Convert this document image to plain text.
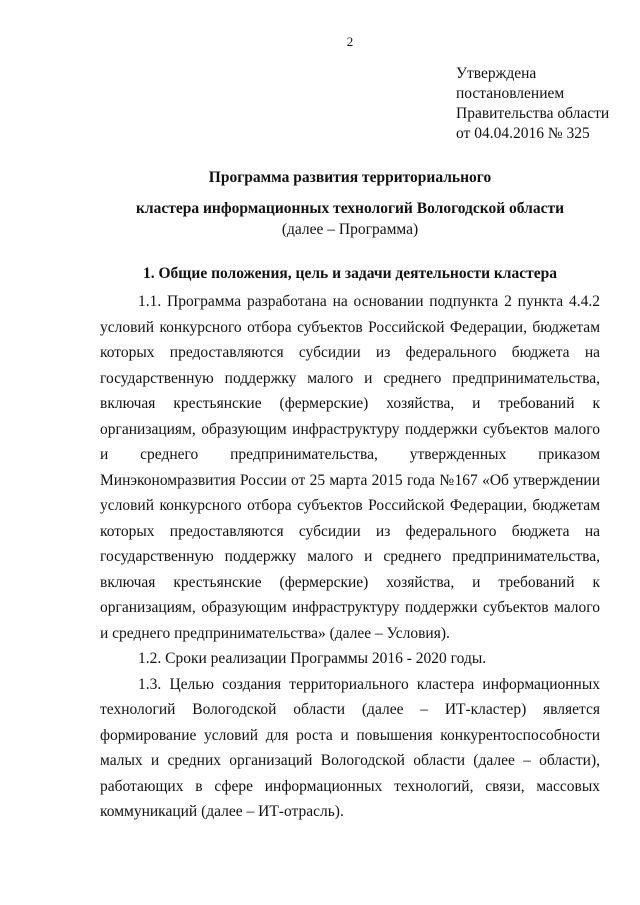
2
Утверждена
постановлением
Правительства области
от 04.04.2016 № 325
Программа развития территориального
кластера информационных технологий Вологодской области
(далее – Программа)
1. Общие положения, цель и задачи деятельности кластера

1.1. Программа разработана на основании подпункта 2 пункта 4.4.2 условий конкурсного отбора субъектов Российской Федерации, бюджетам которых предоставляются субсидии из федерального бюджета на государственную поддержку малого и среднего предпринимательства, включая крестьянские (фермерские) хозяйства, и требований к организациям, образующим инфраструктуру поддержки субъектов малого и среднего предпринимательства, утвержденных приказом Минэкономразвития России от 25 марта 2015 года №167 «Об утверждении условий конкурсного отбора субъектов Российской Федерации, бюджетам которых предоставляются субсидии из федерального бюджета на государственную поддержку малого и среднего предпринимательства, включая крестьянские (фермерские) хозяйства, и требований к организациям, образующим инфраструктуру поддержки субъектов малого и среднего предпринимательства» (далее – Условия).

1.2. Сроки реализации Программы 2016 - 2020 годы.

1.3. Целью создания территориального кластера информационных технологий Вологодской области (далее – ИТ-кластер) является формирование условий для роста и повышения конкурентоспособности малых и средних организаций Вологодской области (далее – области), работающих в сфере информационных технологий, связи, массовых коммуникаций (далее – ИТ-отрасль).
